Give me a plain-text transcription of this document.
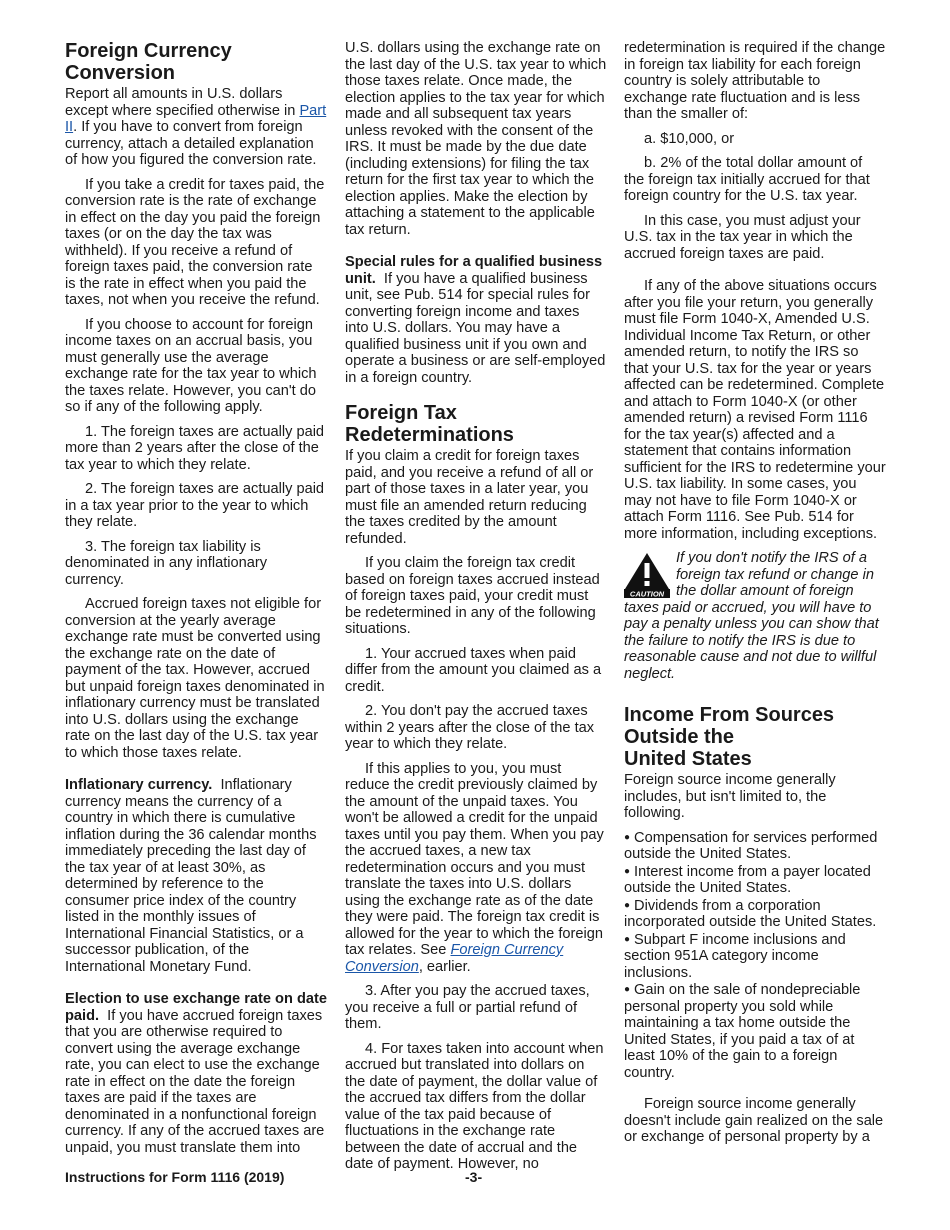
Foreign Currency
Conversion

Report all amounts in U.S. dollars except where specified otherwise in Part II. If you have to convert from foreign currency, attach a detailed explanation of how you figured the conversion rate.

If you take a credit for taxes paid, the conversion rate is the rate of exchange in effect on the day you paid the foreign taxes (or on the day the tax was withheld). If you receive a refund of foreign taxes paid, the conversion rate is the rate in effect when you paid the taxes, not when you receive the refund.

If you choose to account for foreign income taxes on an accrual basis, you must generally use the average exchange rate for the tax year to which the taxes relate. However, you can't do so if any of the following apply.

1. The foreign taxes are actually paid more than 2 years after the close of the tax year to which they relate.

2. The foreign taxes are actually paid in a tax year prior to the year to which they relate.

3. The foreign tax liability is denominated in any inflationary currency.

Accrued foreign taxes not eligible for conversion at the yearly average exchange rate must be converted using the exchange rate on the date of payment of the tax. However, accrued but unpaid foreign taxes denominated in inflationary currency must be translated into U.S. dollars using the exchange rate on the last day of the U.S. tax year to which those taxes relate.

Inflationary currency. Inflationary currency means the currency of a country in which there is cumulative inflation during the 36 calendar months immediately preceding the last day of the tax year of at least 30%, as determined by reference to the consumer price index of the country listed in the monthly issues of International Financial Statistics, or a successor publication, of the International Monetary Fund.

Election to use exchange rate on date paid. If you have accrued foreign taxes that you are otherwise required to convert using the average exchange rate, you can elect to use the exchange rate in effect on the date the foreign taxes are paid if the taxes are denominated in a nonfunctional foreign currency. If any of the accrued taxes are unpaid, you must translate them into

U.S. dollars using the exchange rate on the last day of the U.S. tax year to which those taxes relate. Once made, the election applies to the tax year for which made and all subsequent tax years unless revoked with the consent of the IRS. It must be made by the due date (including extensions) for filing the tax return for the first tax year to which the election applies. Make the election by attaching a statement to the applicable tax return.

Special rules for a qualified business unit. If you have a qualified business unit, see Pub. 514 for special rules for converting foreign income and taxes into U.S. dollars. You may have a qualified business unit if you own and operate a business or are self-employed in a foreign country.

Foreign Tax
Redeterminations

If you claim a credit for foreign taxes paid, and you receive a refund of all or part of those taxes in a later year, you must file an amended return reducing the taxes credited by the amount refunded.

If you claim the foreign tax credit based on foreign taxes accrued instead of foreign taxes paid, your credit must be redetermined in any of the following situations.

1. Your accrued taxes when paid differ from the amount you claimed as a credit.

2. You don't pay the accrued taxes within 2 years after the close of the tax year to which they relate.

If this applies to you, you must reduce the credit previously claimed by the amount of the unpaid taxes. You won't be allowed a credit for the unpaid taxes until you pay them. When you pay the accrued taxes, a new tax redetermination occurs and you must translate the taxes into U.S. dollars using the exchange rate as of the date they were paid. The foreign tax credit is allowed for the year to which the foreign tax relates. See Foreign Currency Conversion, earlier.

3. After you pay the accrued taxes, you receive a full or partial refund of them.

4. For taxes taken into account when accrued but translated into dollars on the date of payment, the dollar value of the accrued tax differs from the dollar value of the tax paid because of fluctuations in the exchange rate between the date of accrual and the date of payment. However, no

redetermination is required if the change in foreign tax liability for each foreign country is solely attributable to exchange rate fluctuation and is less than the smaller of:

a. $10,000, or

b. 2% of the total dollar amount of the foreign tax initially accrued for that foreign country for the U.S. tax year.

In this case, you must adjust your U.S. tax in the tax year in which the accrued foreign taxes are paid.

If any of the above situations occurs after you file your return, you generally must file Form 1040-X, Amended U.S. Individual Income Tax Return, or other amended return, to notify the IRS so that your U.S. tax for the year or years affected can be redetermined. Complete and attach to Form 1040-X (or other amended return) a revised Form 1116 for the tax year(s) affected and a statement that contains information sufficient for the IRS to redetermine your U.S. tax liability. In some cases, you may not have to file Form 1040-X or attach Form 1116. See Pub. 514 for more information, including exceptions.

CAUTION
If you don't notify the IRS of a foreign tax refund or change in the dollar amount of foreign taxes paid or accrued, you will have to pay a penalty unless you can show that the failure to notify the IRS is due to reasonable cause and not due to willful neglect.
Income From Sources
Outside the
United States

Foreign source income generally includes, but isn't limited to, the following.

● Compensation for services performed outside the United States.
● Interest income from a payer located outside the United States.
● Dividends from a corporation incorporated outside the United States.
● Subpart F income inclusions and section 951A category income inclusions.
● Gain on the sale of nondepreciable personal property you sold while maintaining a tax home outside the United States, if you paid a tax of at least 10% of the gain to a foreign country.

Foreign source income generally doesn't include gain realized on the sale or exchange of personal property by a

Instructions for Form 1116 (2019)	-3-
